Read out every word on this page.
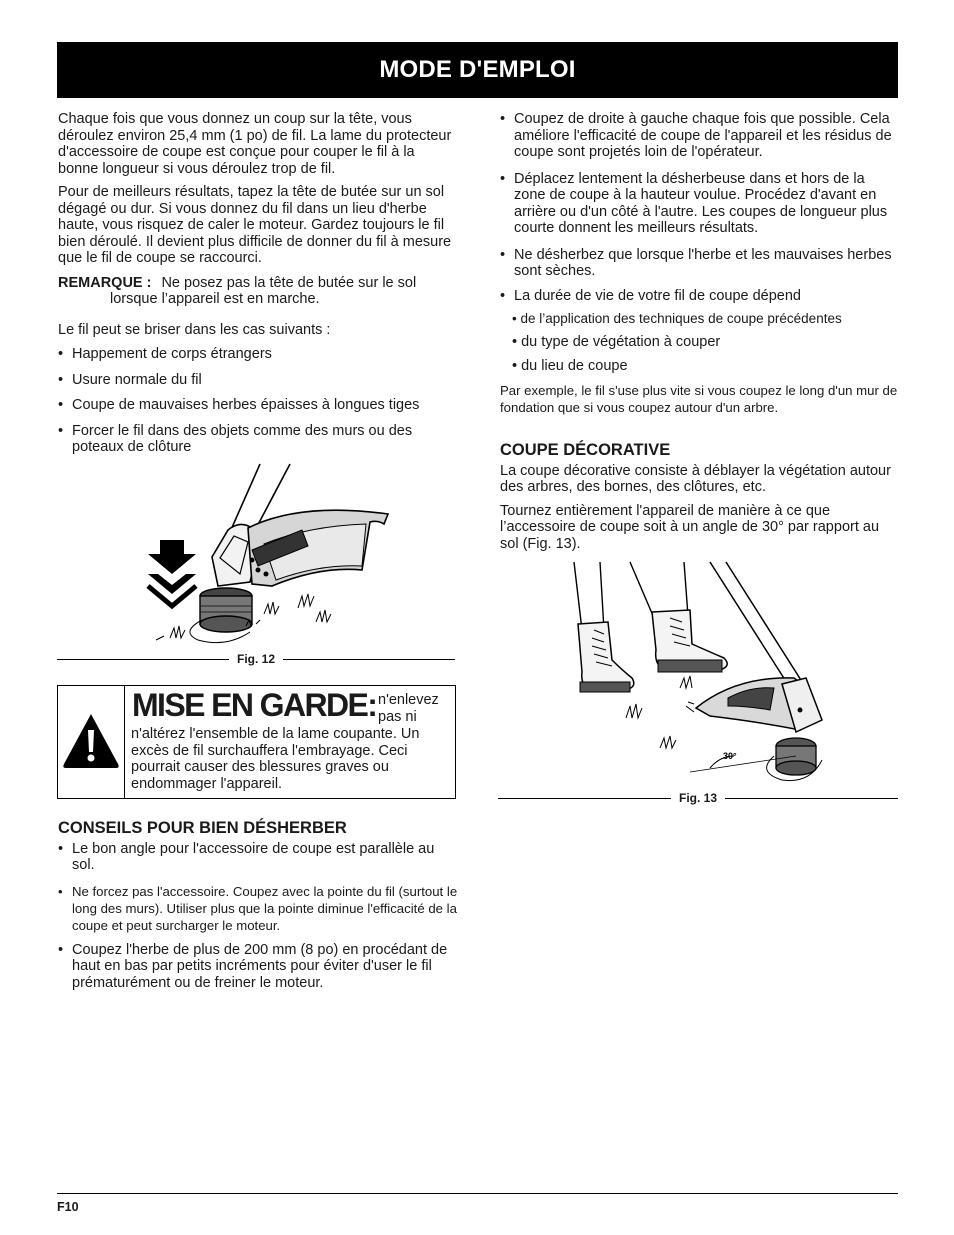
MODE D'EMPLOI

Chaque fois que vous donnez un coup sur la tête, vous déroulez environ 25,4 mm (1 po) de fil. La lame du protecteur d'accessoire de coupe est conçue pour couper le fil à la bonne longueur si vous déroulez trop de fil.

Pour de meilleurs résultats, tapez la tête de butée sur un sol dégagé ou dur. Si vous donnez du fil dans un lieu d'herbe haute, vous risquez de caler le moteur. Gardez toujours le fil bien déroulé. Il devient plus difficile de donner du fil à mesure que le fil de coupe se raccourci.

REMARQUE : Ne posez pas la tête de butée sur le sol
lorsque l’appareil est en marche.

Le fil peut se briser dans les cas suivants :

• Happement de corps étrangers
• Usure normale du fil
• Coupe de mauvaises herbes épaisses à longues tiges
• Forcer le fil dans des objets comme des murs ou des poteaux de clôture
Fig. 12
MISE EN GARDE: n'enlevez pas ni
n'altérez l'ensemble de la lame coupante. Un excès de fil surchauffera l'embrayage. Ceci pourrait causer des blessures graves ou endommager l'appareil.
CONSEILS POUR BIEN DÉSHERBER
• Le bon angle pour l'accessoire de coupe est parallèle au sol.
• Ne forcez pas l'accessoire. Coupez avec la pointe du fil (surtout le long des murs). Utiliser plus que la pointe diminue l'efficacité de la coupe et peut surcharger le moteur.
• Coupez l'herbe de plus de 200 mm (8 po) en procédant de haut en bas par petits incréments pour éviter d'user le fil prématurément ou de freiner le moteur.
• Coupez de droite à gauche chaque fois que possible. Cela améliore l'efficacité de coupe de l'appareil et les résidus de coupe sont projetés loin de l'opérateur.
• Déplacez lentement la désherbeuse dans et hors de la zone de coupe à la hauteur voulue. Procédez d'avant en arrière ou d'un côté à l'autre. Les coupes de longueur plus courte donnent les meilleurs résultats.
• Ne désherbez que lorsque l'herbe et les mauvaises herbes sont sèches.
• La durée de vie de votre fil de coupe dépend
• de l’application des techniques de coupe précédentes
• du type de végétation à couper
• du lieu de coupe

Par exemple, le fil s'use plus vite si vous coupez le long d'un mur de fondation que si vous coupez autour d'un arbre.

COUPE DÉCORATIVE

La coupe décorative consiste à déblayer la végétation autour des arbres, des bornes, des clôtures, etc.

Tournez entièrement l'appareil de manière à ce que l’accessoire de coupe soit à un angle de 30° par rapport au sol (Fig. 13).

30°
Fig. 13
F10
